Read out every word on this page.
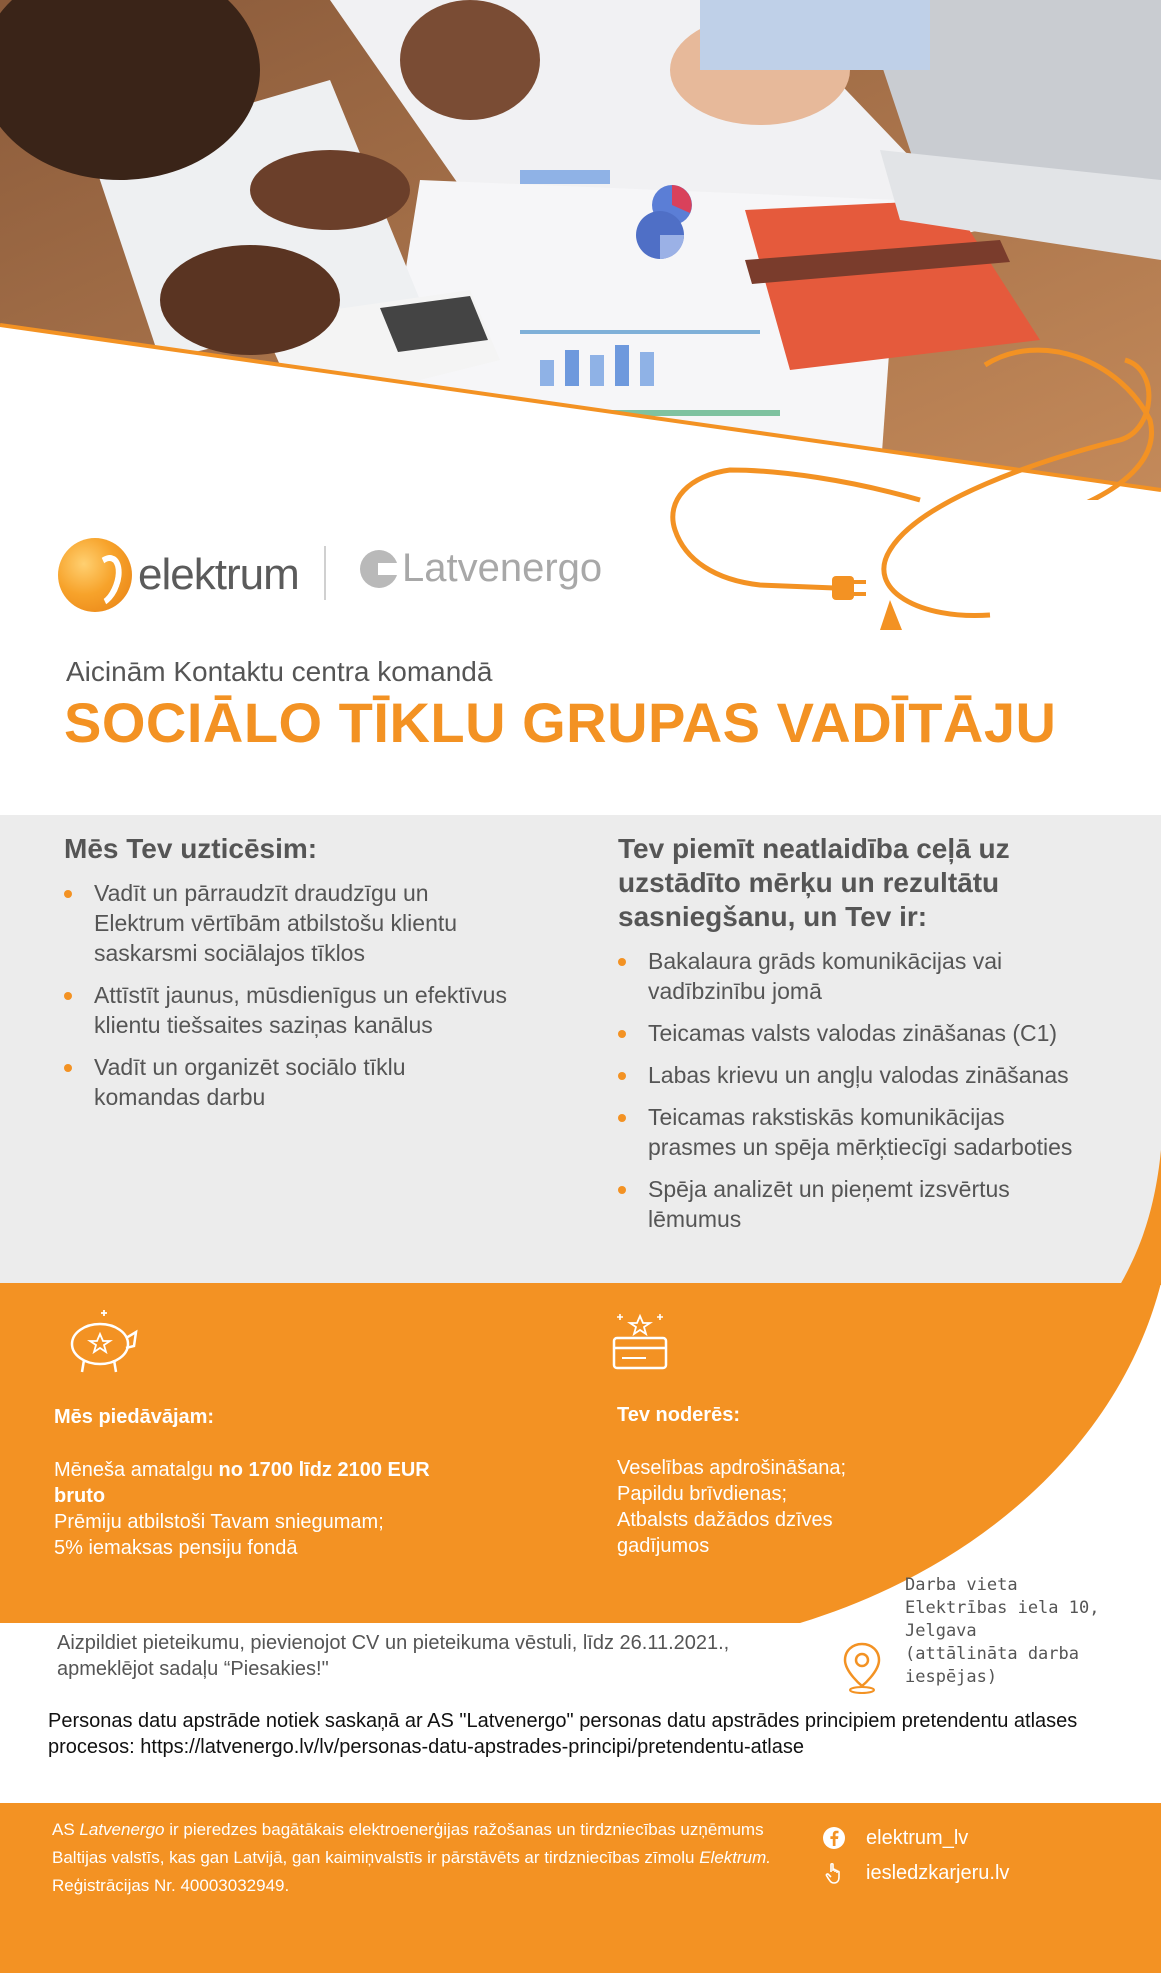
elektrum	Latvenergo
Aicinām Kontaktu centra komandā
SOCIĀLO TĪKLU GRUPAS VADĪTĀJU
Mēs Tev uzticēsim:
Vadīt un pārraudzīt draudzīgu un Elektrum vērtībām atbilstošu klientu saskarsmi sociālajos tīklos
Attīstīt jaunus, mūsdienīgus un efektīvus klientu tiešsaites saziņas kanālus
Vadīt un organizēt sociālo tīklu komandas darbu
Tev piemīt neatlaidība ceļā uz uzstādīto mērķu un rezultātu sasniegšanu, un Tev ir:
Bakalaura grāds komunikācijas vai vadībzinību jomā
Teicamas valsts valodas zināšanas (C1)
Labas krievu un angļu valodas zināšanas
Teicamas rakstiskās komunikācijas prasmes un spēja mērķtiecīgi sadarboties
Spēja analizēt un pieņemt izsvērtus lēmumus
Mēs piedāvājam:
Mēneša amatalgu no 1700 līdz 2100 EUR bruto
Prēmiju atbilstoši Tavam sniegumam;
5% iemaksas pensiju fondā
Tev noderēs:
Veselības apdrošināšana;
Papildu brīvdienas;
Atbalsts dažādos dzīves gadījumos
Darba vieta
Elektrības iela 10,
Jelgava
(attālināta darba iespējas)
Aizpildiet pieteikumu, pievienojot CV un pieteikuma vēstuli, līdz 26.11.2021., apmeklējot sadaļu “Piesakies!"
Personas datu apstrāde notiek saskaņā ar AS "Latvenergo" personas datu apstrādes principiem pretendentu atlases procesos: https://latvenergo.lv/lv/personas-datu-apstrades-principi/pretendentu-atlase
AS Latvenergo ir pieredzes bagātākais elektroenerģijas ražošanas un tirdzniecības uzņēmums Baltijas valstīs, kas gan Latvijā, gan kaimiņvalstīs ir pārstāvēts ar tirdzniecības zīmolu Elektrum. Reģistrācijas Nr. 40003032949.
elektrum_lv
iesledzkarjeru.lv
